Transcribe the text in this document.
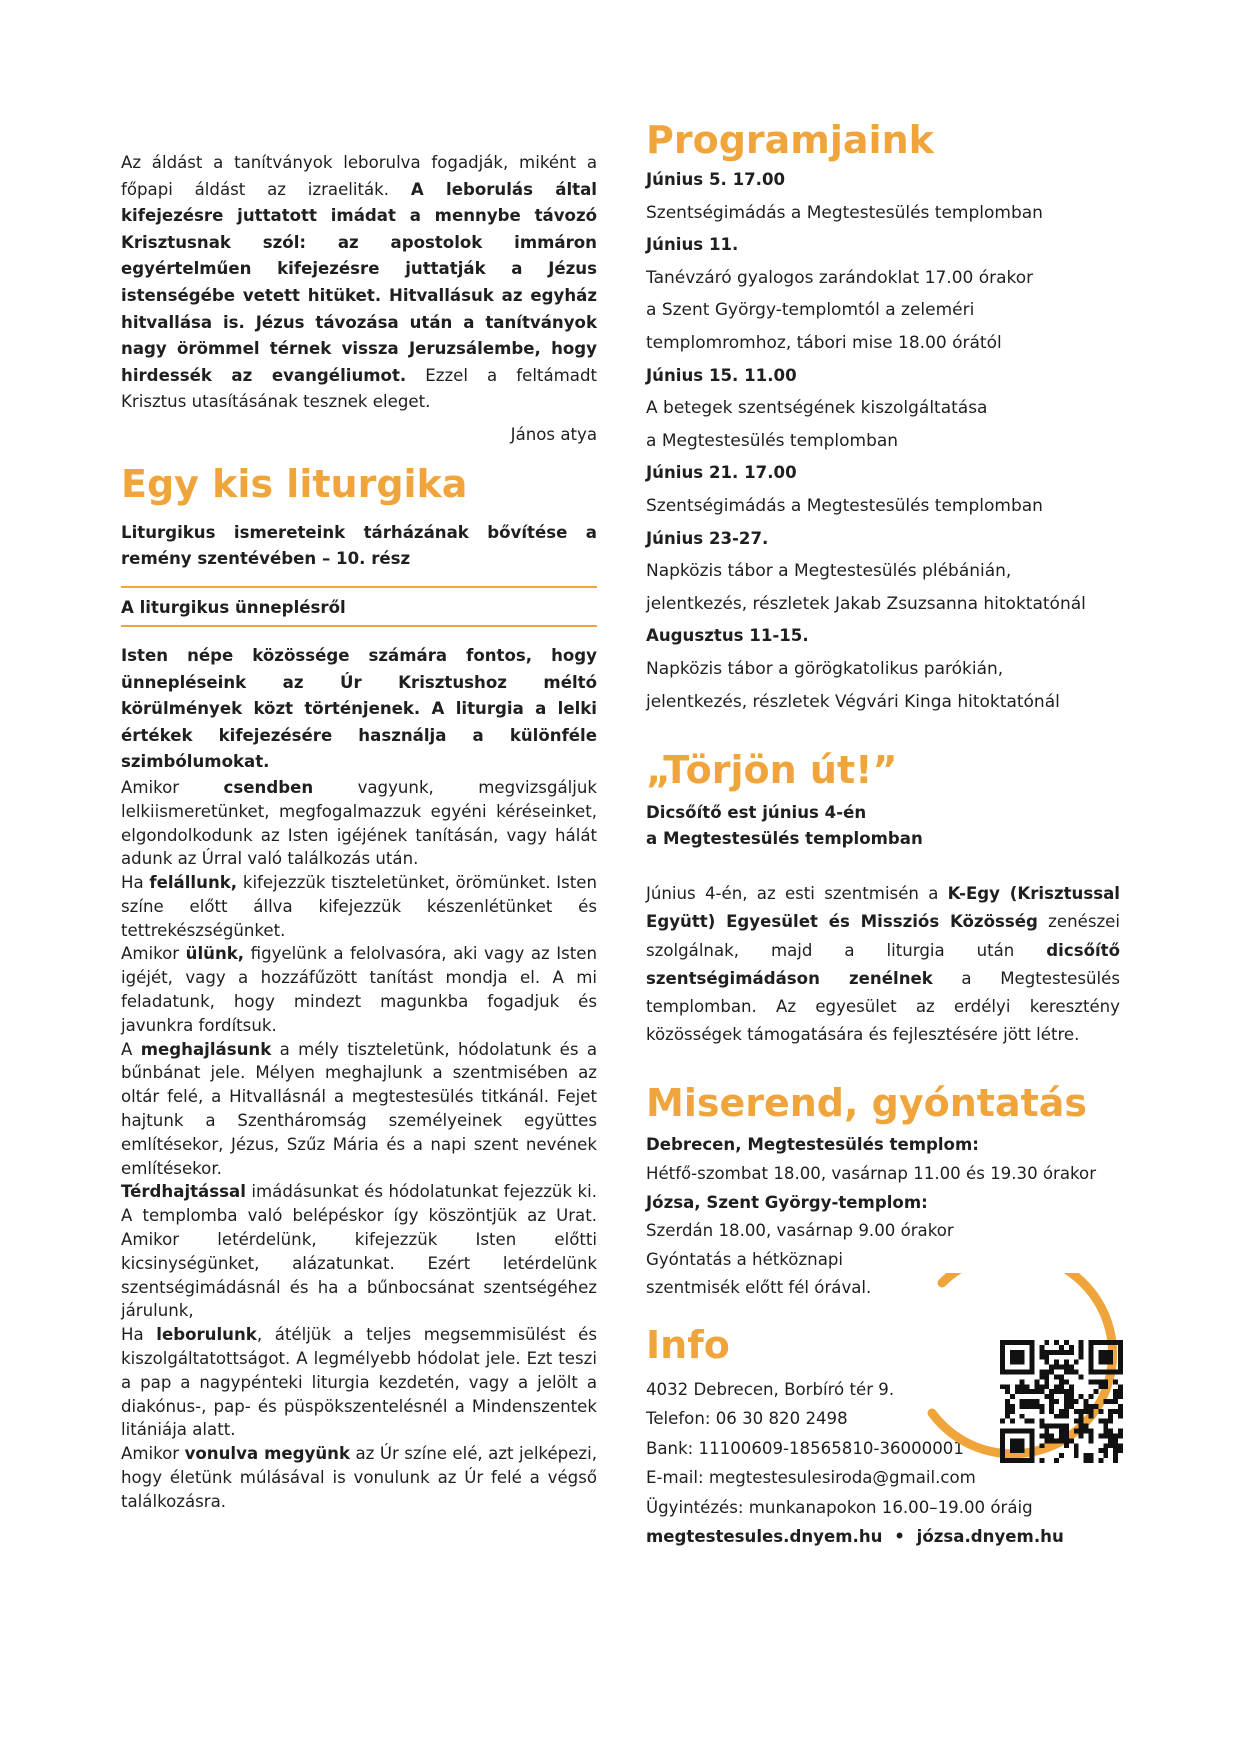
Az áldást a tanítványok leborulva fogadják, miként a főpapi áldást az izraeliták. A leborulás által kifejezésre juttatott imádat a mennybe távozó Krisztusnak szól: az apostolok immáron egyértelműen kifejezésre juttatják a Jézus istenségébe vetett hitüket. Hitvallásuk az egyház hitvallása is. Jézus távozása után a tanítványok nagy örömmel térnek vissza Jeruzsálembe, hogy hirdessék az evangéliumot. Ezzel a feltámadt Krisztus utasításának tesznek eleget.

János atya

Egy kis liturgika

Liturgikus ismereteink tárházának bővítése a remény szentévében – 10. rész

A liturgikus ünneplésről

Isten népe közössége számára fontos, hogy ünnepléseink az Úr Krisztushoz méltó körülmények közt történjenek. A liturgia a lelki értékek kifejezésére használja a különféle szimbólumokat.

Amikor csendben vagyunk, megvizsgáljuk lelkiismeretünket, megfogalmazzuk egyéni kéréseinket, elgondolkodunk az Isten igéjének tanításán, vagy hálát adunk az Úrral való találkozás után.

Ha felállunk, kifejezzük tiszteletünket, örömünket. Isten színe előtt állva kifejezzük készenlétünket és tettrekészségünket.

Amikor ülünk, figyelünk a felolvasóra, aki vagy az Isten igéjét, vagy a hozzáfűzött tanítást mondja el. A mi feladatunk, hogy mindezt magunkba fogadjuk és javunkra fordítsuk.

A meghajlásunk a mély tiszteletünk, hódolatunk és a bűnbánat jele. Mélyen meghajlunk a szentmisében az oltár felé, a Hitvallásnál a megtestesülés titkánál. Fejet hajtunk a Szentháromság személyeinek együttes említésekor, Jézus, Szűz Mária és a napi szent nevének említésekor.

Térdhajtással imádásunkat és hódolatunkat fejezzük ki. A templomba való belépéskor így köszöntjük az Urat. Amikor letérdelünk, kifejezzük Isten előtti kicsinységünket, alázatunkat. Ezért letérdelünk szentségimádásnál és ha a bűnbocsánat szentségéhez járulunk,

Ha leborulunk, átéljük a teljes megsemmisülést és kiszolgáltatottságot. A legmélyebb hódolat jele. Ezt teszi a pap a nagypénteki liturgia kezdetén, vagy a jelölt a diakónus-, pap- és püspökszentelésnél a Mindenszentek litániája alatt.

Amikor vonulva megyünk az Úr színe elé, azt jelképezi, hogy életünk múlásával is vonulunk az Úr felé a végső találkozásra.

Programjaink

Június 5. 17.00

Szentségimádás a Megtestesülés templomban

Június 11.

Tanévzáró gyalogos zarándoklat 17.00 órakor

a Szent György-templomtól a zeleméri

templomromhoz, tábori mise 18.00 órától

Június 15. 11.00

A betegek szentségének kiszolgáltatása

a Megtestesülés templomban

Június 21. 17.00

Szentségimádás a Megtestesülés templomban

Június 23-27.

Napközis tábor a Megtestesülés plébánián,

jelentkezés, részletek Jakab Zsuzsanna hitoktatónál

Augusztus 11-15.

Napközis tábor a görögkatolikus parókián,

jelentkezés, részletek Végvári Kinga hitoktatónál

„Törjön út!”

Dicsőítő est június 4-én

a Megtestesülés templomban

Június 4-én, az esti szentmisén a K-Egy (Krisztussal Együtt) Egyesület és Missziós Közösség zenészei szolgálnak, majd a liturgia után dicsőítő szentségimádáson zenélnek a Megtestesülés templomban. Az egyesület az erdélyi keresztény közösségek támogatására és fejlesztésére jött létre.

Miserend, gyóntatás

Debrecen, Megtestesülés templom:

Hétfő-szombat 18.00, vasárnap 11.00 és 19.30 órakor

Józsa, Szent György-templom:

Szerdán 18.00, vasárnap 9.00 órakor

Gyóntatás a hétköznapi

szentmisék előtt fél órával.

Info

4032 Debrecen, Borbíró tér 9.

Telefon: 06 30 820 2498

Bank: 11100609-18565810-36000001

E-mail: megtestesulesiroda@gmail.com

Ügyintézés: munkanapokon 16.00–19.00 óráig

megtestesules.dnyem.hu • józsa.dnyem.hu
